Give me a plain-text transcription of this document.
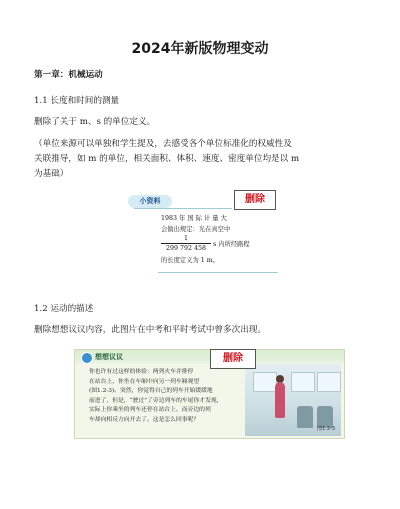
2024年新版物理变动
第一章：机械运动
1.1 长度和时间的测量
删除了关于 m、s 的单位定义。
（单位来源可以单独和学生提及，去感受各个单位标准化的权威性及
关联推导，如 m 的单位，相关面积、体积、速度、密度单位均是以 m
为基础）
小资料
1983 年 国 际 计 量 大
会做出规定：光在真空中
1
299 792 458
s 内所经路程
的长度定义为 1 m。
删除
1.2 运动的描述
删除想想议议内容，此图片在中考和平时考试中曾多次出现。
想想议议
你也许有过这样的体验：两列火车并排停
在站台上，你坐在车厢中向另一列车厢观望
(图1.2-3)。突然，你觉得自己的列车开始缓缓地
前进了，但是，“驶过”了旁边列车的车尾你才发现，
实际上你乘坐的列车还停在站台上，而旁边的列
车却向相反方向开去了。这是怎么回事呢？
图1.2-3
删除
